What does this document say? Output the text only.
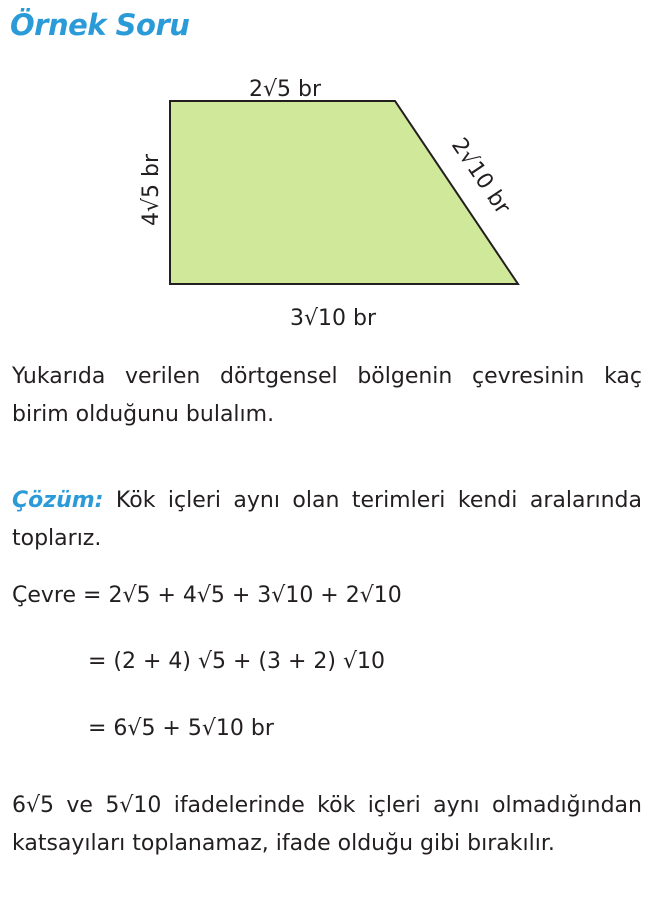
Örnek Soru
2√5 br
4√5 br	2√10 br
3√10 br

Yukarıda verilen dörtgensel bölgenin çevresinin kaç birim olduğunu bulalım.

Çözüm: Kök içleri aynı olan terimleri kendi aralarında toplarız.

Çevre = 2√5 + 4√5 + 3√10 + 2√10
= (2 + 4) √5 + (3 + 2) √10
= 6√5 + 5√10 br

6√5 ve 5√10 ifadelerinde kök içleri aynı olmadığından katsayıları toplanamaz, ifade olduğu gibi bırakılır.
